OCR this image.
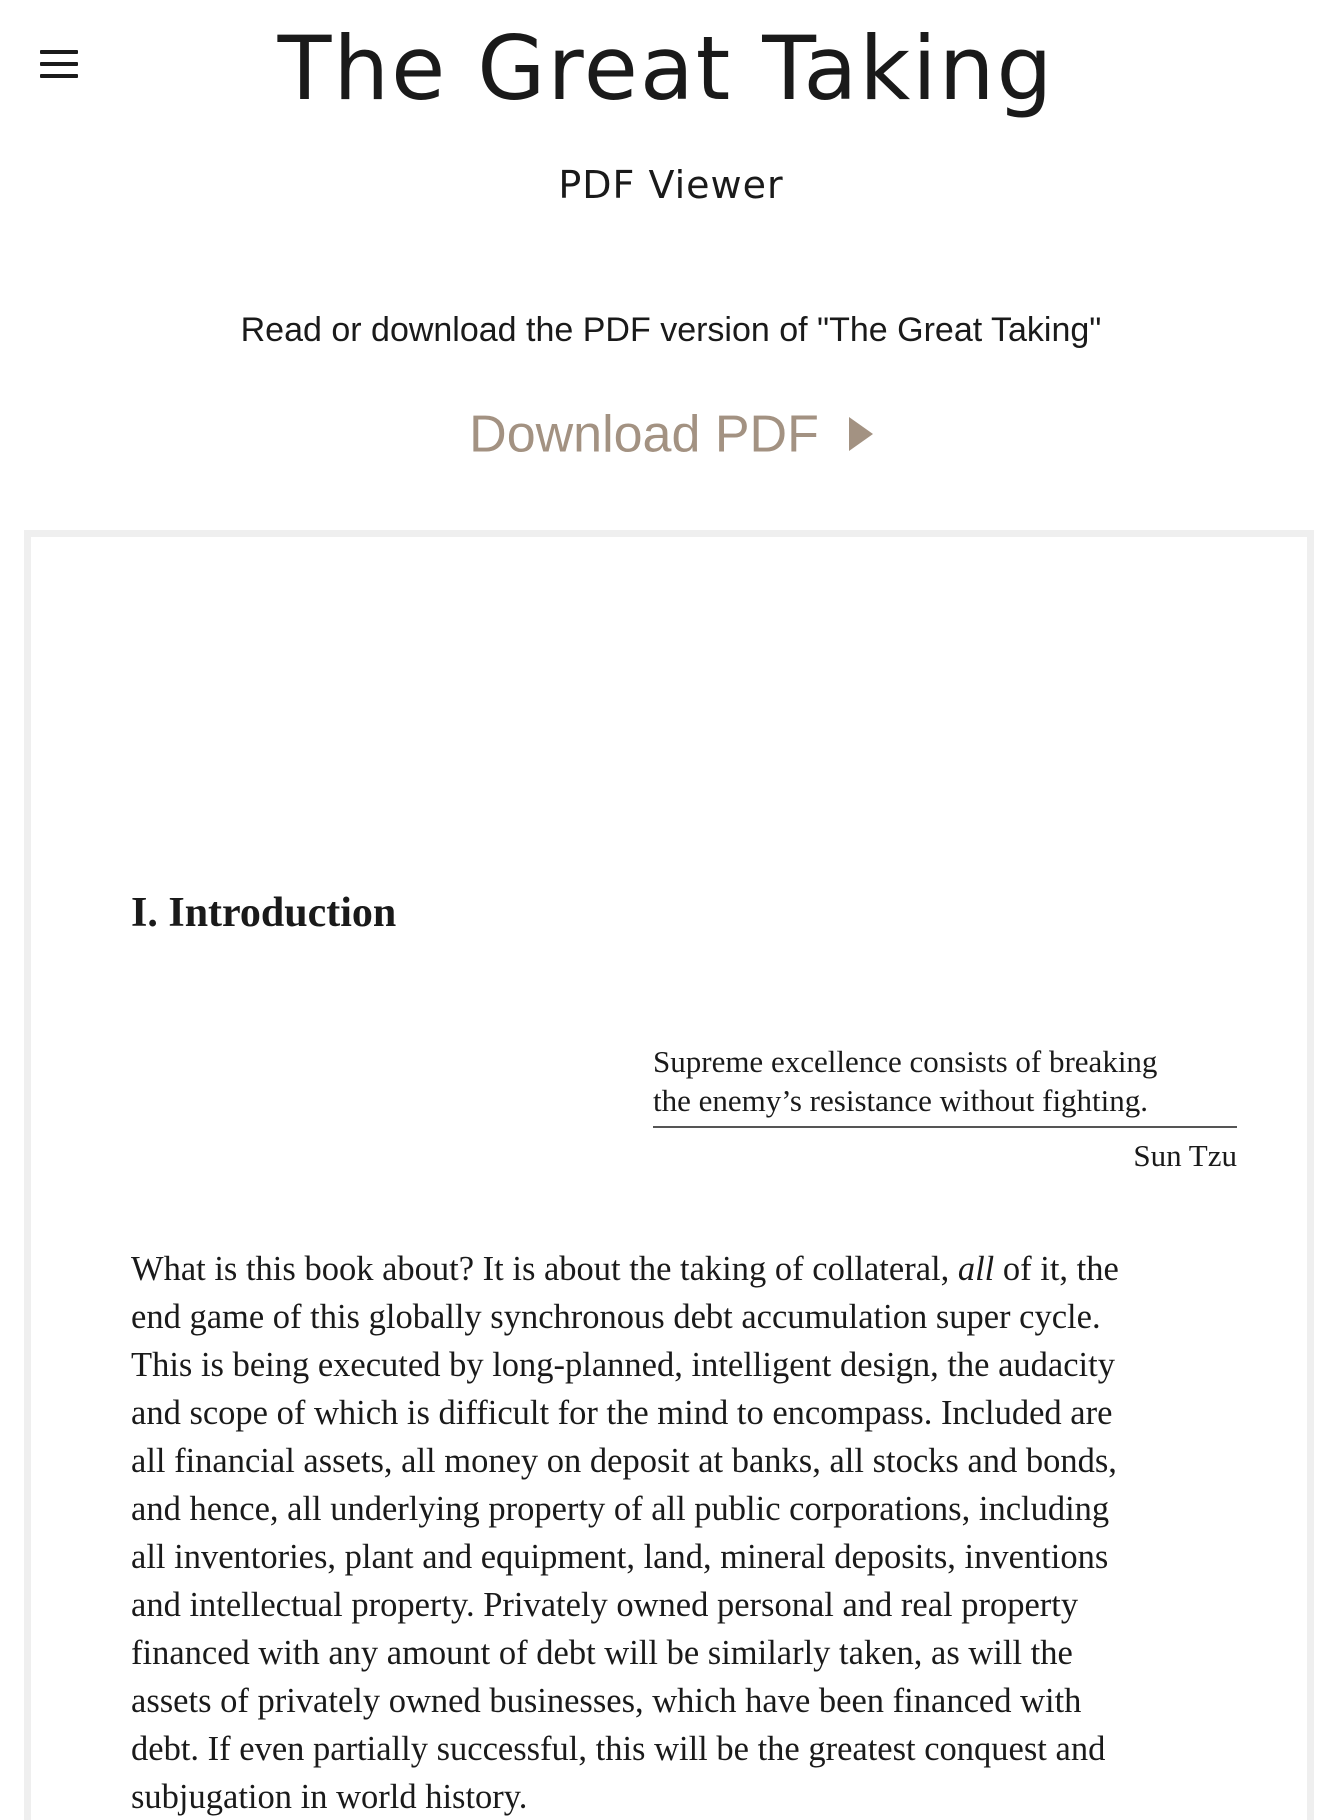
The Great Taking
PDF Viewer
Read or download the PDF version of "The Great Taking"
Download PDF
I. Introduction

Supreme excellence consists of breaking
the enemy’s resistance without fighting.

Sun Tzu

What is this book about? It is about the taking of collateral, all of it, the
end game of this globally synchronous debt accumulation super cycle.
This is being executed by long-planned, intelligent design, the audacity
and scope of which is difficult for the mind to encompass. Included are
all financial assets, all money on deposit at banks, all stocks and bonds,
and hence, all underlying property of all public corporations, including
all inventories, plant and equipment, land, mineral deposits, inventions
and intellectual property. Privately owned personal and real property
financed with any amount of debt will be similarly taken, as will the
assets of privately owned businesses, which have been financed with
debt. If even partially successful, this will be the greatest conquest and
subjugation in world history.
